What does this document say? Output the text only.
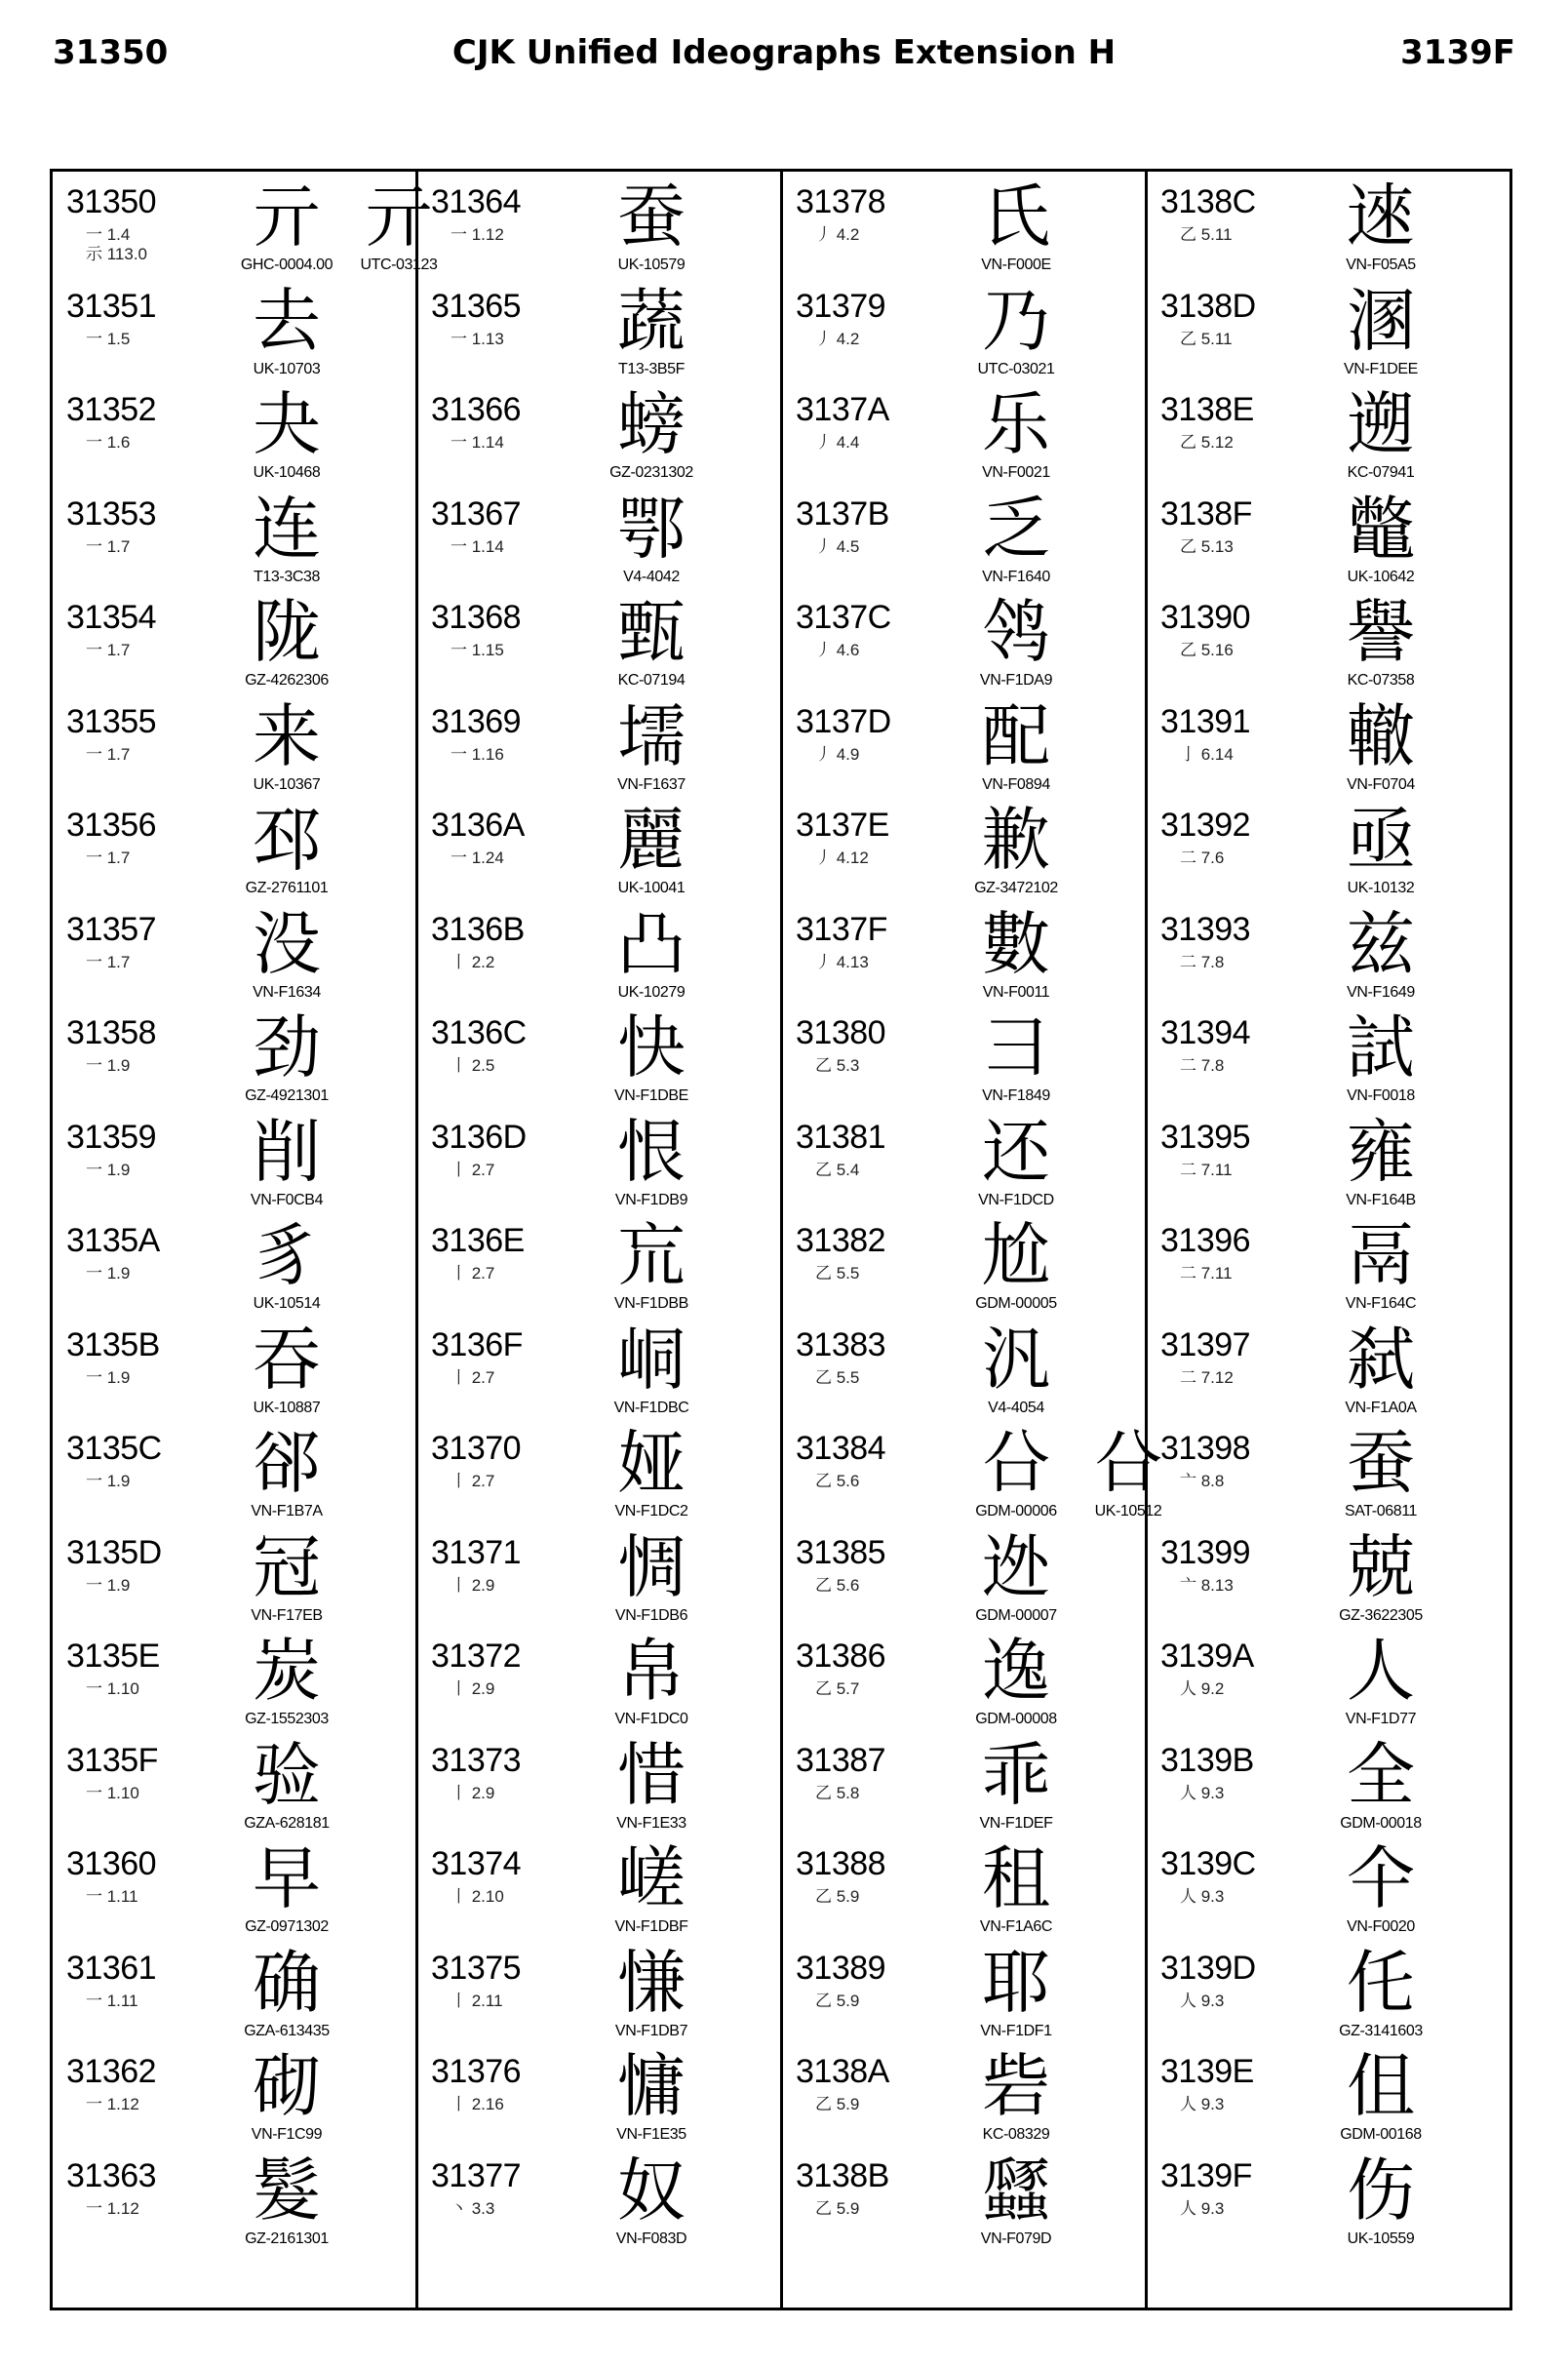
31350	CJK Unified Ideographs Extension H	3139F
31350
一 1.4
示 113.0	亓
GHC-0004.00
亓
UTC-03123
31351
一 1.5	去
UK-10703
31352
一 1.6	夬
UK-10468
31353
一 1.7	连
T13-3C38
31354
一 1.7	陇
GZ-4262306
31355
一 1.7	来
UK-10367
31356
一 1.7	邳
GZ-2761101
31357
一 1.7	没
VN-F1634
31358
一 1.9	劲
GZ-4921301
31359
一 1.9	削
VN-F0CB4
3135A
一 1.9	豸
UK-10514
3135B
一 1.9	吞
UK-10887
3135C
一 1.9	郤
VN-F1B7A
3135D
一 1.9	冠
VN-F17EB
3135E
一 1.10	炭
GZ-1552303
3135F
一 1.10	验
GZA-628181
31360
一 1.11	早
GZ-0971302
31361
一 1.11	确
GZA-613435
31362
一 1.12	砌
VN-F1C99
31363
一 1.12	髮
GZ-2161301
31364
一 1.12	蚕
UK-10579
31365
一 1.13	蔬
T13-3B5F
31366
一 1.14	螃
GZ-0231302
31367
一 1.14	鄂
V4-4042
31368
一 1.15	甄
KC-07194
31369
一 1.16	壖
VN-F1637
3136A
一 1.24	麗
UK-10041
3136B
丨 2.2	凸
UK-10279
3136C
丨 2.5	快
VN-F1DBE
3136D
丨 2.7	恨
VN-F1DB9
3136E
丨 2.7	巟
VN-F1DBB
3136F
丨 2.7	峒
VN-F1DBC
31370
丨 2.7	娅
VN-F1DC2
31371
丨 2.9	惆
VN-F1DB6
31372
丨 2.9	帛
VN-F1DC0
31373
丨 2.9	惜
VN-F1E33
31374
丨 2.10	嵯
VN-F1DBF
31375
丨 2.11	慊
VN-F1DB7
31376
丨 2.16	慵
VN-F1E35
31377
丶 3.3	奴
VN-F083D
31378
丿 4.2	氏
VN-F000E
31379
丿 4.2	乃
UTC-03021
3137A
丿 4.4	乐
VN-F0021
3137B
丿 4.5	乏
VN-F1640
3137C
丿 4.6	鸰
VN-F1DA9
3137D
丿 4.9	配
VN-F0894
3137E
丿 4.12	歉
GZ-3472102
3137F
丿 4.13	數
VN-F0011
31380
乙 5.3	彐
VN-F1849
31381
乙 5.4	还
VN-F1DCD
31382
乙 5.5	尬
GDM-00005
31383
乙 5.5	汎
V4-4054
31384
乙 5.6	㕣
GDM-00006
㕣
UK-10512
31385
乙 5.6	迯
GDM-00007
31386
乙 5.7	逸
GDM-00008
31387
乙 5.8	乖
VN-F1DEF
31388
乙 5.9	租
VN-F1A6C
31389
乙 5.9	耶
VN-F1DF1
3138A
乙 5.9	砦
KC-08329
3138B
乙 5.9	瓥
VN-F079D
3138C
乙 5.11	逨
VN-F05A5
3138D
乙 5.11	溷
VN-F1DEE
3138E
乙 5.12	遡
KC-07941
3138F
乙 5.13	鼈
UK-10642
31390
乙 5.16	譽
KC-07358
31391
亅 6.14	轍
VN-F0704
31392
二 7.6	亟
UK-10132
31393
二 7.8	兹
VN-F1649
31394
二 7.8	試
VN-F0018
31395
二 7.11	雍
VN-F164B
31396
二 7.11	鬲
VN-F164C
31397
二 7.12	弑
VN-F1A0A
31398
亠 8.8	蚕
SAT-06811
31399
亠 8.13	兢
GZ-3622305
3139A
人 9.2	人
VN-F1D77
3139B
人 9.3	全
GDM-00018
3139C
人 9.3	仐
VN-F0020
3139D
人 9.3	仛
GZ-3141603
3139E
人 9.3	伹
GDM-00168
3139F
人 9.3	伤
UK-10559
